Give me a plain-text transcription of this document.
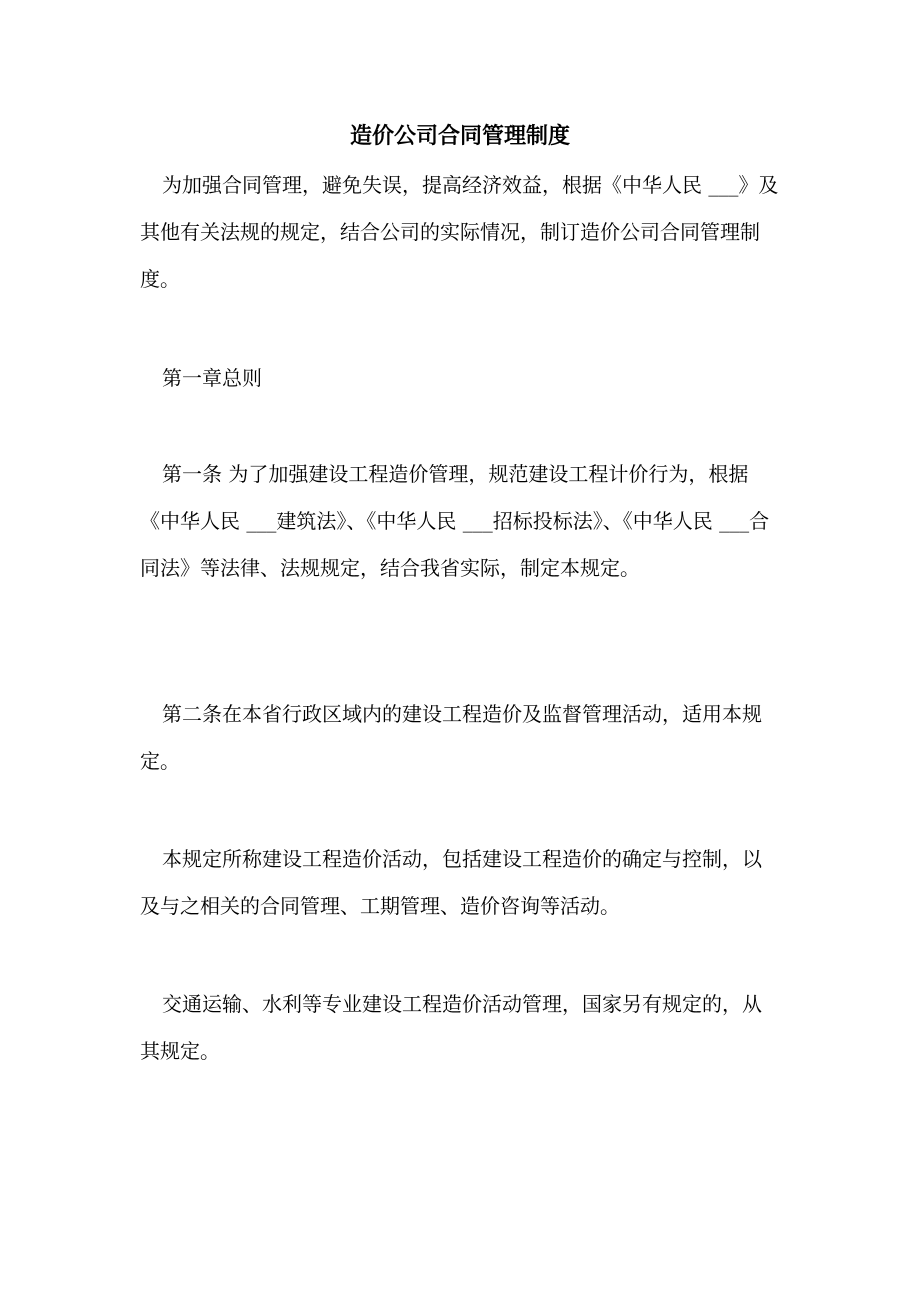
造价公司合同管理制度

为加强合同管理，避免失误，提高经济效益，根据《中华人民 ___》及其他有关法规的规定，结合公司的实际情况，制订造价公司合同管理制度。

第一章总则

第一条 为了加强建设工程造价管理，规范建设工程计价行为，根据《中华人民 ___建筑法》、《中华人民 ___招标投标法》、《中华人民 ___合同法》等法律、法规规定，结合我省实际，制定本规定。

第二条在本省行政区域内的建设工程造价及监督管理活动，适用本规定。

本规定所称建设工程造价活动，包括建设工程造价的确定与控制，以及与之相关的合同管理、工期管理、造价咨询等活动。

交通运输、水利等专业建设工程造价活动管理，国家另有规定的，从其规定。
